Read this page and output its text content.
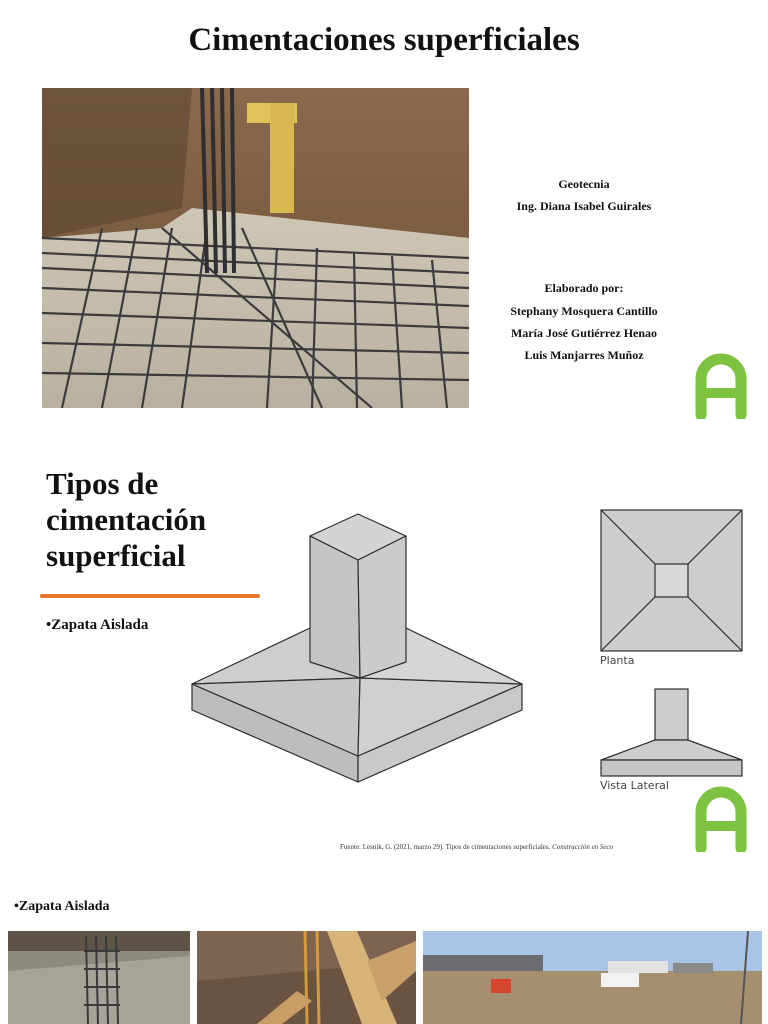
Cimentaciones superficiales
Geotecnia
Ing. Diana Isabel Guirales
Elaborado por:
Stephany Mosquera Cantillo
María José Gutiérrez Henao
Luis Manjarres Muñoz
Tipos de
cimentación
superficial
•Zapata Aislada
Planta
Vista Lateral
Fuente: Lesnik, G. (2021, marzo 29). Tipos de cimentaciones superficiales. Construcción en Seco
•Zapata Aislada
